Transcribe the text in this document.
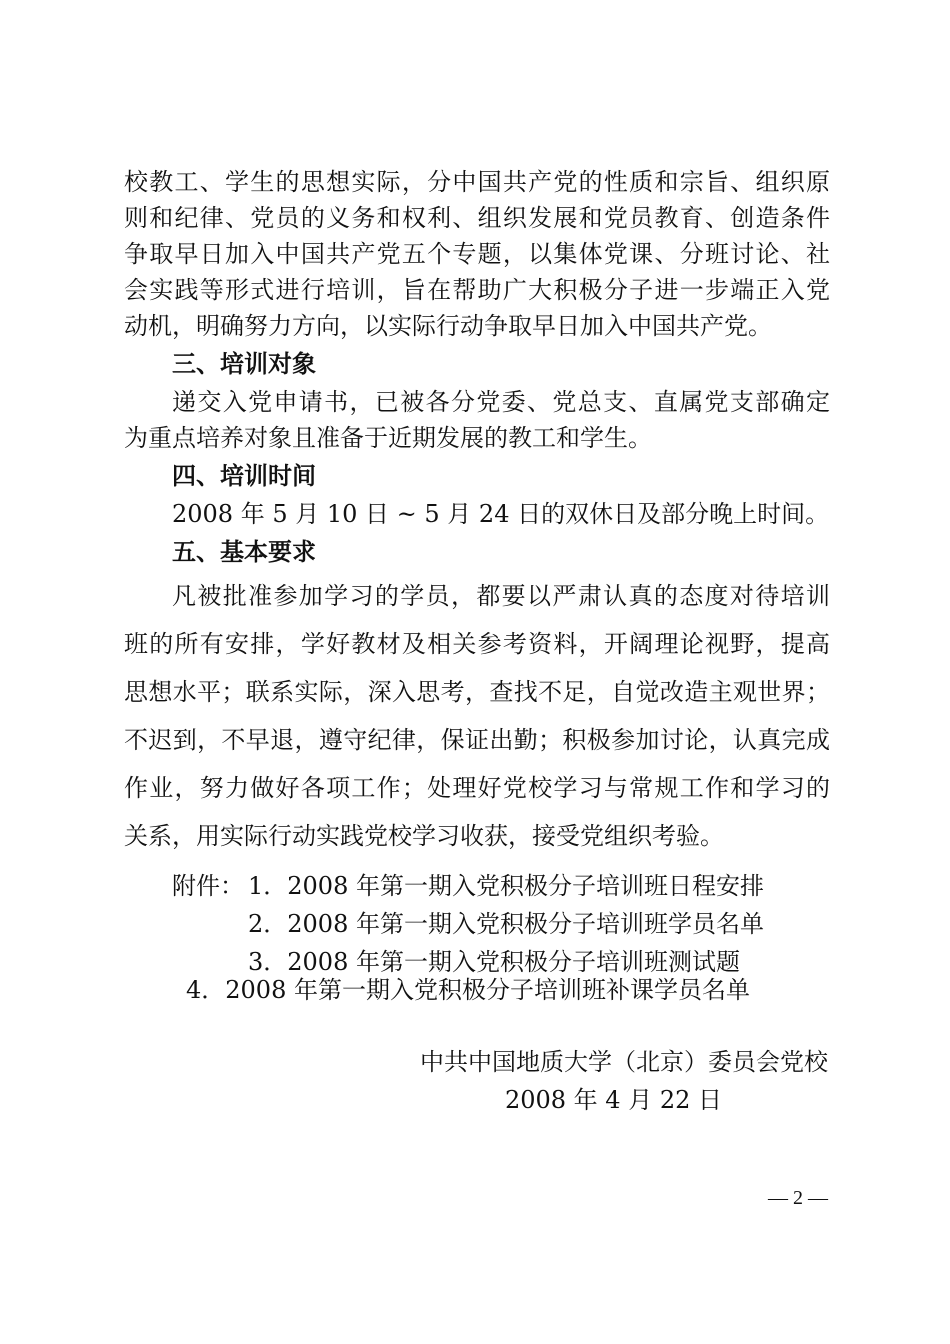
校教工、学生的思想实际，分中国共产党的性质和宗旨、组织原

则和纪律、党员的义务和权利、组织发展和党员教育、创造条件

争取早日加入中国共产党五个专题，以集体党课、分班讨论、社

会实践等形式进行培训，旨在帮助广大积极分子进一步端正入党

动机，明确努力方向，以实际行动争取早日加入中国共产党。

三、培训对象

递交入党申请书，已被各分党委、党总支、直属党支部确定

为重点培养对象且准备于近期发展的教工和学生。

四、培训时间

2008 年 5 月 10 日 ~ 5 月 24 日的双休日及部分晚上时间。

五、基本要求

凡被批准参加学习的学员，都要以严肃认真的态度对待培训

班的所有安排，学好教材及相关参考资料，开阔理论视野，提高

思想水平；联系实际，深入思考，查找不足，自觉改造主观世界；

不迟到，不早退，遵守纪律，保证出勤；积极参加讨论，认真完成

作业，努力做好各项工作；处理好党校学习与常规工作和学习的

关系，用实际行动实践党校学习收获，接受党组织考验。

附件： 1．2008 年第一期入党积极分子培训班日程安排
2．2008 年第一期入党积极分子培训班学员名单
3．2008 年第一期入党积极分子培训班测试题
4．2008 年第一期入党积极分子培训班补课学员名单
中共中国地质大学（北京）委员会党校
2008 年 4 月 22 日
— 2 —
